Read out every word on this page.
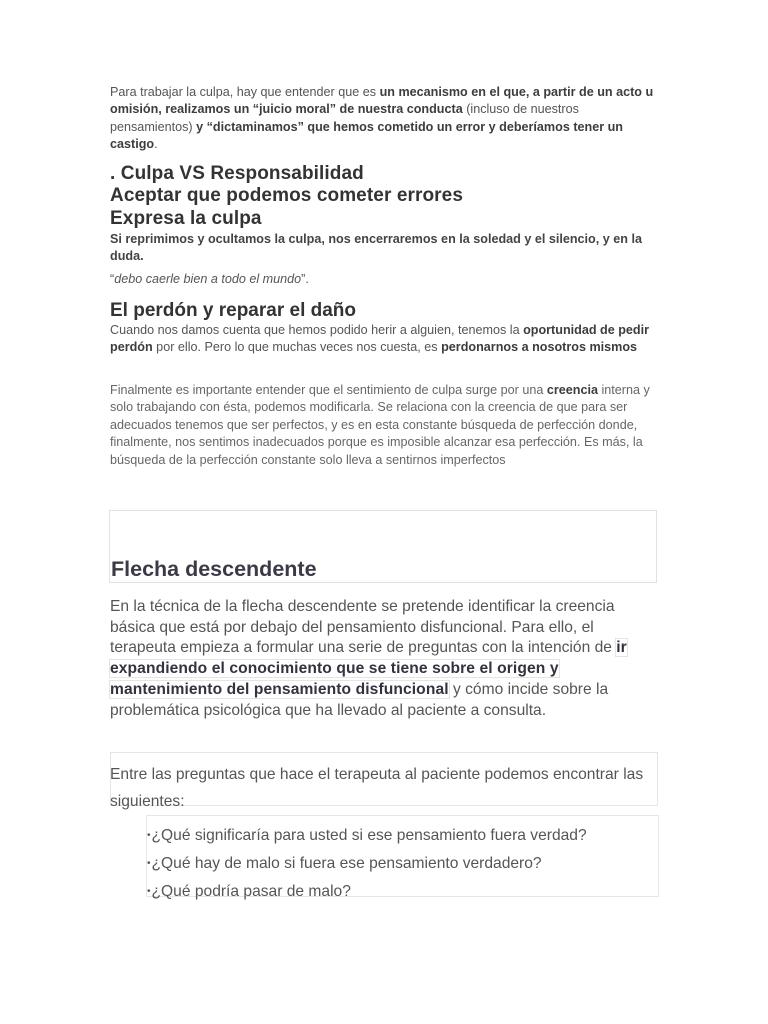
Para trabajar la culpa, hay que entender que es un mecanismo en el que, a partir de un acto u omisión, realizamos un “juicio moral” de nuestra conducta (incluso de nuestros pensamientos) y “dictaminamos” que hemos cometido un error y deberíamos tener un castigo.

. Culpa VS Responsabilidad
Aceptar que podemos cometer errores
Expresa la culpa

Si reprimimos y ocultamos la culpa, nos encerraremos en la soledad y el silencio, y en la duda.

“debo caerle bien a todo el mundo”.

El perdón y reparar el daño

Cuando nos damos cuenta que hemos podido herir a alguien, tenemos la oportunidad de pedir perdón por ello. Pero lo que muchas veces nos cuesta, es perdonarnos a nosotros mismos

Finalmente es importante entender que el sentimiento de culpa surge por una creencia interna y solo trabajando con ésta, podemos modificarla. Se relaciona con la creencia de que para ser adecuados tenemos que ser perfectos, y es en esta constante búsqueda de perfección donde, finalmente, nos sentimos inadecuados porque es imposible alcanzar esa perfección. Es más, la búsqueda de la perfección constante solo lleva a sentirnos imperfectos

Flecha descendente

En la técnica de la flecha descendente se pretende identificar la creencia básica que está por debajo del pensamiento disfuncional. Para ello, el terapeuta empieza a formular una serie de preguntas con la intención de ir expandiendo el conocimiento que se tiene sobre el origen y mantenimiento del pensamiento disfuncional y cómo incide sobre la problemática psicológica que ha llevado al paciente a consulta.

Entre las preguntas que hace el terapeuta al paciente podemos encontrar las siguientes:

•¿Qué significaría para usted si ese pensamiento fuera verdad?
•¿Qué hay de malo si fuera ese pensamiento verdadero?
•¿Qué podría pasar de malo?
